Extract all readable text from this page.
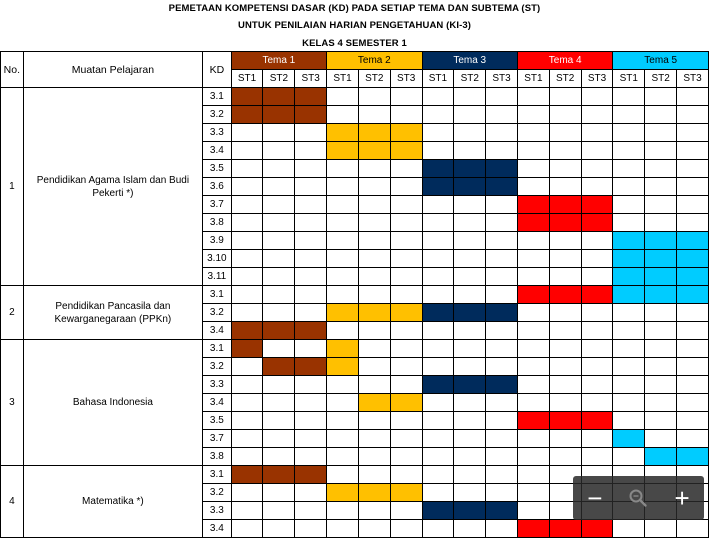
PEMETAAN KOMPETENSI DASAR (KD) PADA SETIAP TEMA DAN SUBTEMA (ST)
UNTUK PENILAIAN HARIAN PENGETAHUAN (KI-3)
KELAS 4 SEMESTER 1
No.	Muatan Pelajaran	KD	Tema 1			Tema 2			Tema 3			Tema 4			Tema 5		
			ST1	ST2	ST3	ST1	ST2	ST3	ST1	ST2	ST3	ST1	ST2	ST3	ST1	ST2	ST3
1	Pendidikan Agama Islam dan Budi Pekerti *)	3.1															
		3.2															
		3.3															
		3.4															
		3.5															
		3.6															
		3.7															
		3.8															
		3.9															
		3.10															
		3.11															
2	Pendidikan Pancasila dan Kewarganegaraan (PPKn)	3.1															
		3.2															
		3.4															
3	Bahasa Indonesia	3.1															
		3.2															
		3.3															
		3.4															
		3.5															
		3.7															
		3.8															
4	Matematika *)	3.1															
		3.2															
		3.3															
		3.4															
−	+
